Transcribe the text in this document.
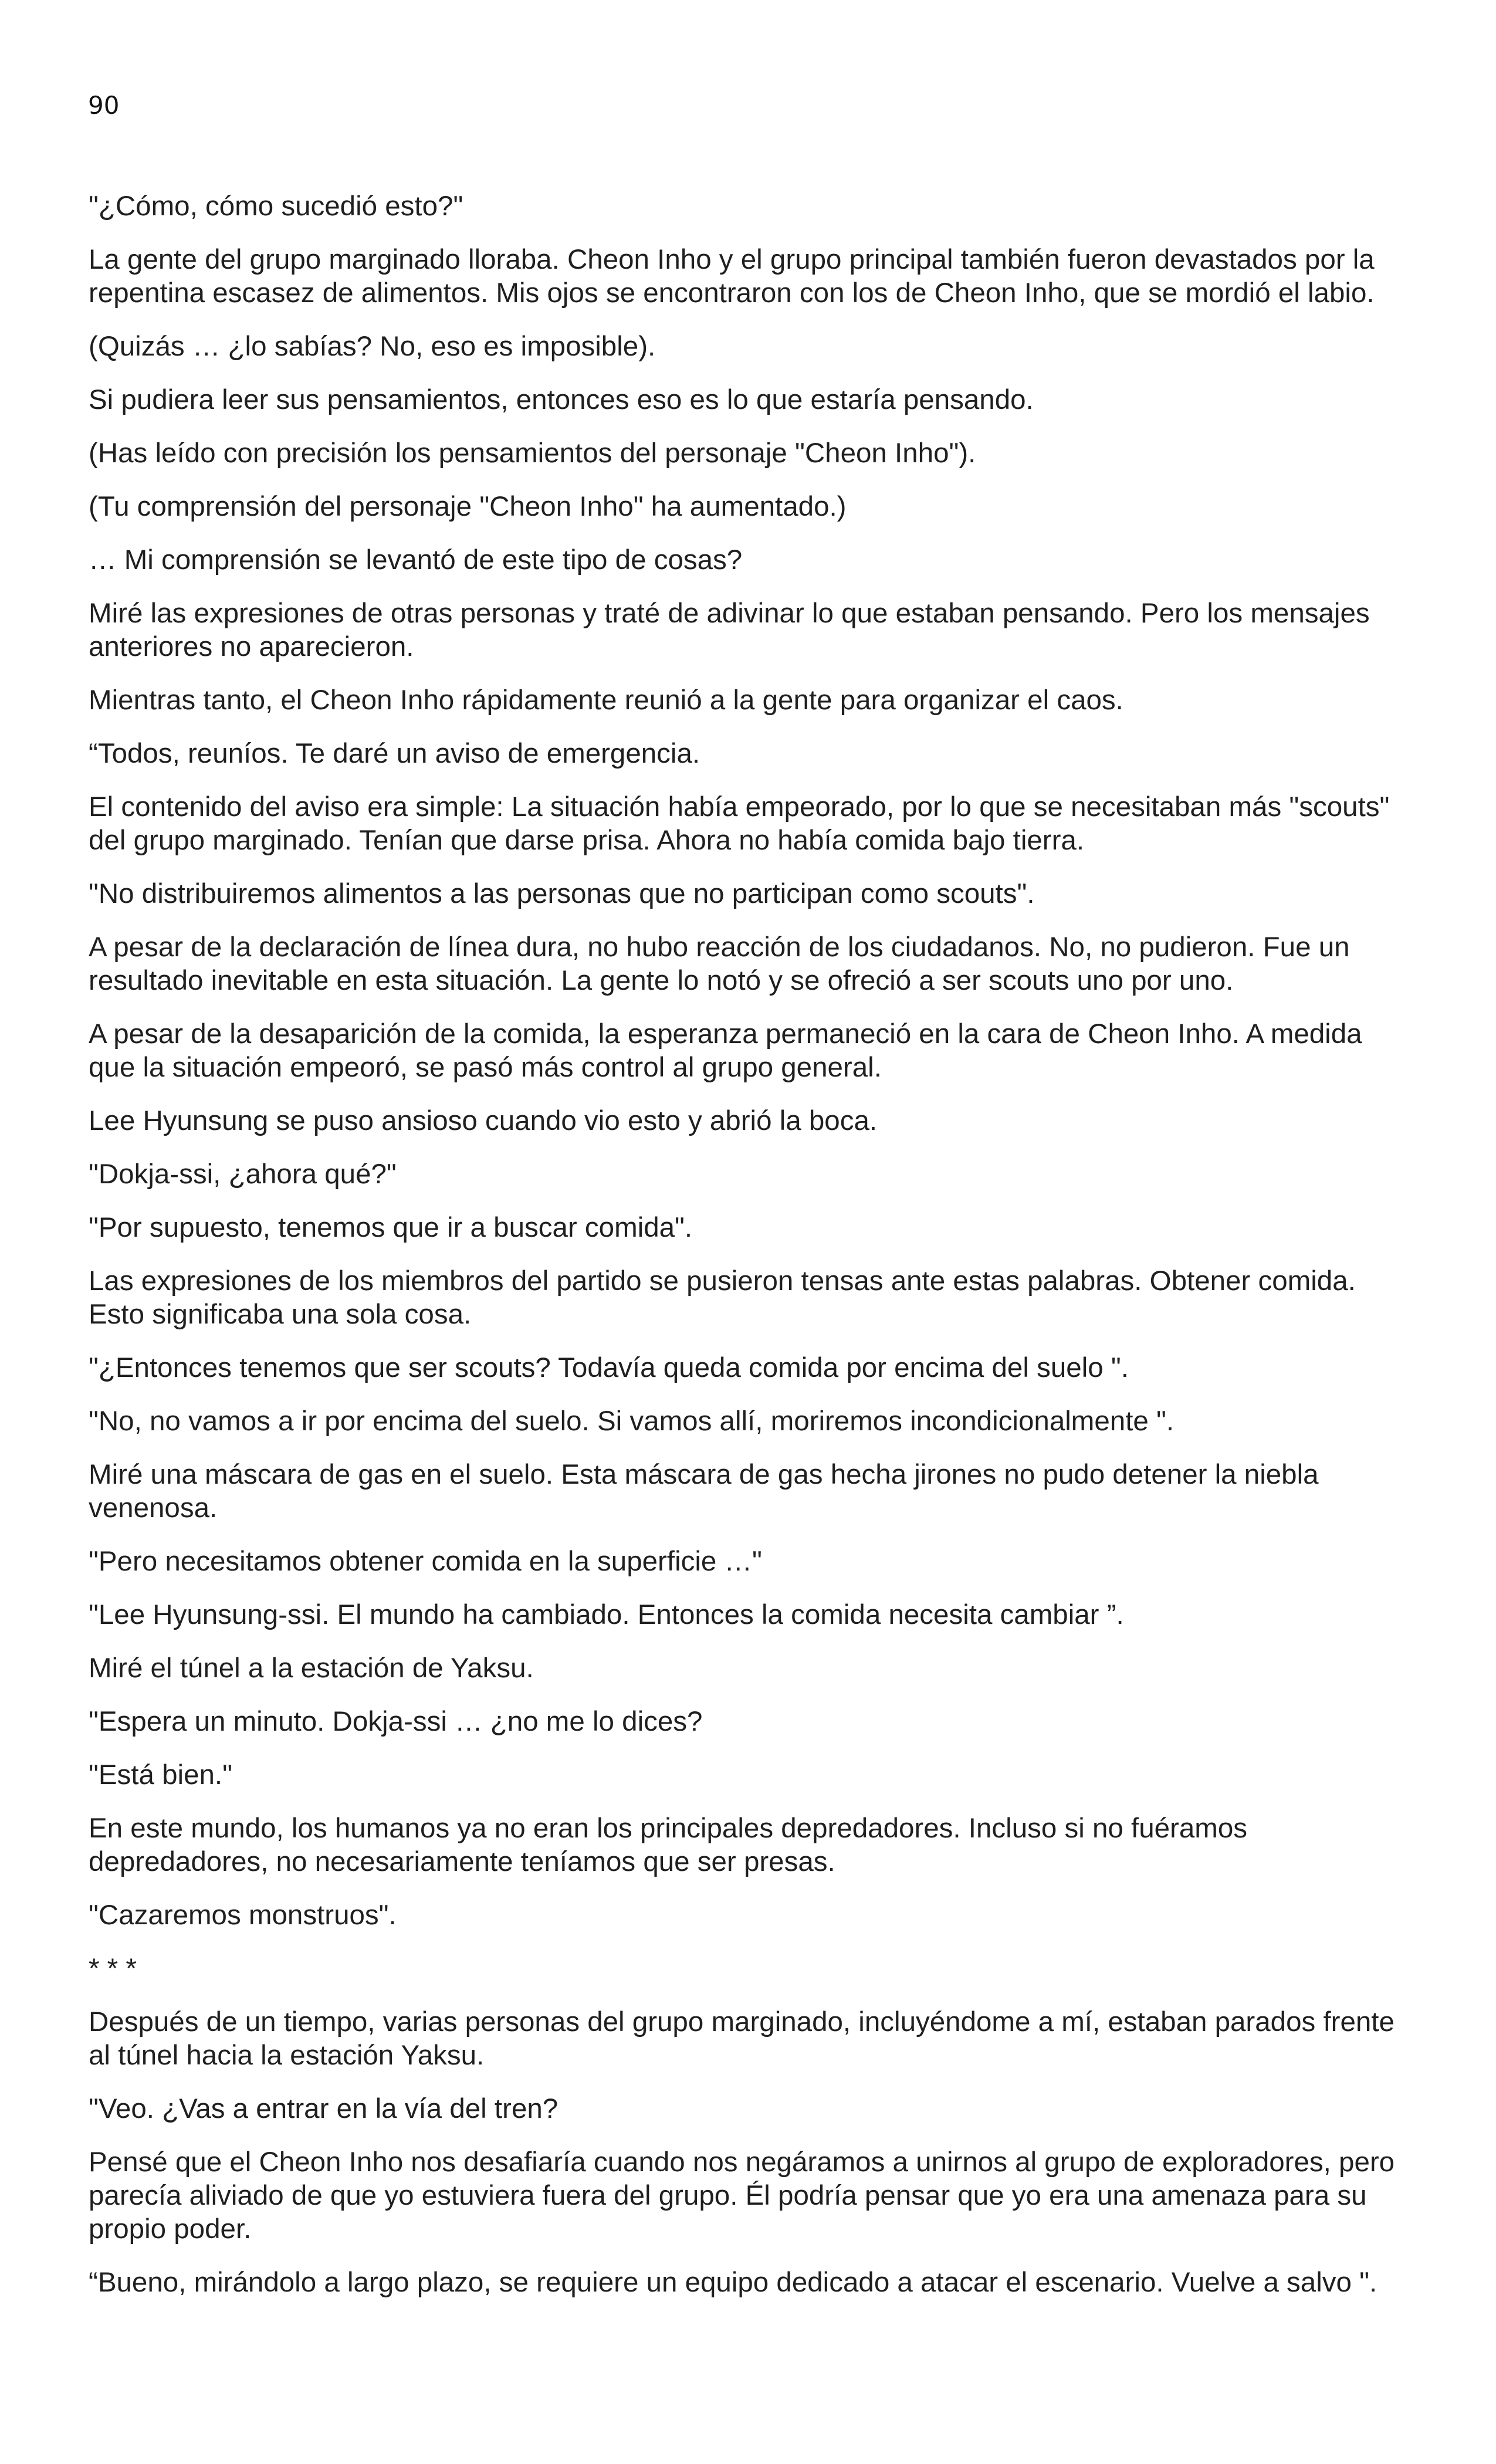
90

"¿Cómo, cómo sucedió esto?"

La gente del grupo marginado lloraba. Cheon Inho y el grupo principal también fueron devastados por la repentina escasez de alimentos. Mis ojos se encontraron con los de Cheon Inho, que se mordió el labio.

(Quizás … ¿lo sabías? No, eso es imposible).

Si pudiera leer sus pensamientos, entonces eso es lo que estaría pensando.

(Has leído con precisión los pensamientos del personaje "Cheon Inho").

(Tu comprensión del personaje "Cheon Inho" ha aumentado.)

… Mi comprensión se levantó de este tipo de cosas?

Miré las expresiones de otras personas y traté de adivinar lo que estaban pensando. Pero los mensajes anteriores no aparecieron.

Mientras tanto, el Cheon Inho rápidamente reunió a la gente para organizar el caos.

“Todos, reuníos. Te daré un aviso de emergencia.

El contenido del aviso era simple: La situación había empeorado, por lo que se necesitaban más "scouts" del grupo marginado. Tenían que darse prisa. Ahora no había comida bajo tierra.

"No distribuiremos alimentos a las personas que no participan como scouts".

A pesar de la declaración de línea dura, no hubo reacción de los ciudadanos. No, no pudieron. Fue un resultado inevitable en esta situación. La gente lo notó y se ofreció a ser scouts uno por uno.

A pesar de la desaparición de la comida, la esperanza permaneció en la cara de Cheon Inho. A medida que la situación empeoró, se pasó más control al grupo general.

Lee Hyunsung se puso ansioso cuando vio esto y abrió la boca.

"Dokja-ssi, ¿ahora qué?"

"Por supuesto, tenemos que ir a buscar comida".

Las expresiones de los miembros del partido se pusieron tensas ante estas palabras. Obtener comida. Esto significaba una sola cosa.

"¿Entonces tenemos que ser scouts? Todavía queda comida por encima del suelo ".

"No, no vamos a ir por encima del suelo. Si vamos allí, moriremos incondicionalmente ".

Miré una máscara de gas en el suelo. Esta máscara de gas hecha jirones no pudo detener la niebla venenosa.

"Pero necesitamos obtener comida en la superficie …"

"Lee Hyunsung-ssi. El mundo ha cambiado. Entonces la comida necesita cambiar ”.

Miré el túnel a la estación de Yaksu.

"Espera un minuto. Dokja-ssi … ¿no me lo dices?

"Está bien."

En este mundo, los humanos ya no eran los principales depredadores. Incluso si no fuéramos depredadores, no necesariamente teníamos que ser presas.

"Cazaremos monstruos".

* * *

Después de un tiempo, varias personas del grupo marginado, incluyéndome a mí, estaban parados frente al túnel hacia la estación Yaksu.

"Veo. ¿Vas a entrar en la vía del tren?

Pensé que el Cheon Inho nos desafiaría cuando nos negáramos a unirnos al grupo de exploradores, pero parecía aliviado de que yo estuviera fuera del grupo. Él podría pensar que yo era una amenaza para su propio poder.

“Bueno, mirándolo a largo plazo, se requiere un equipo dedicado a atacar el escenario. Vuelve a salvo ".
